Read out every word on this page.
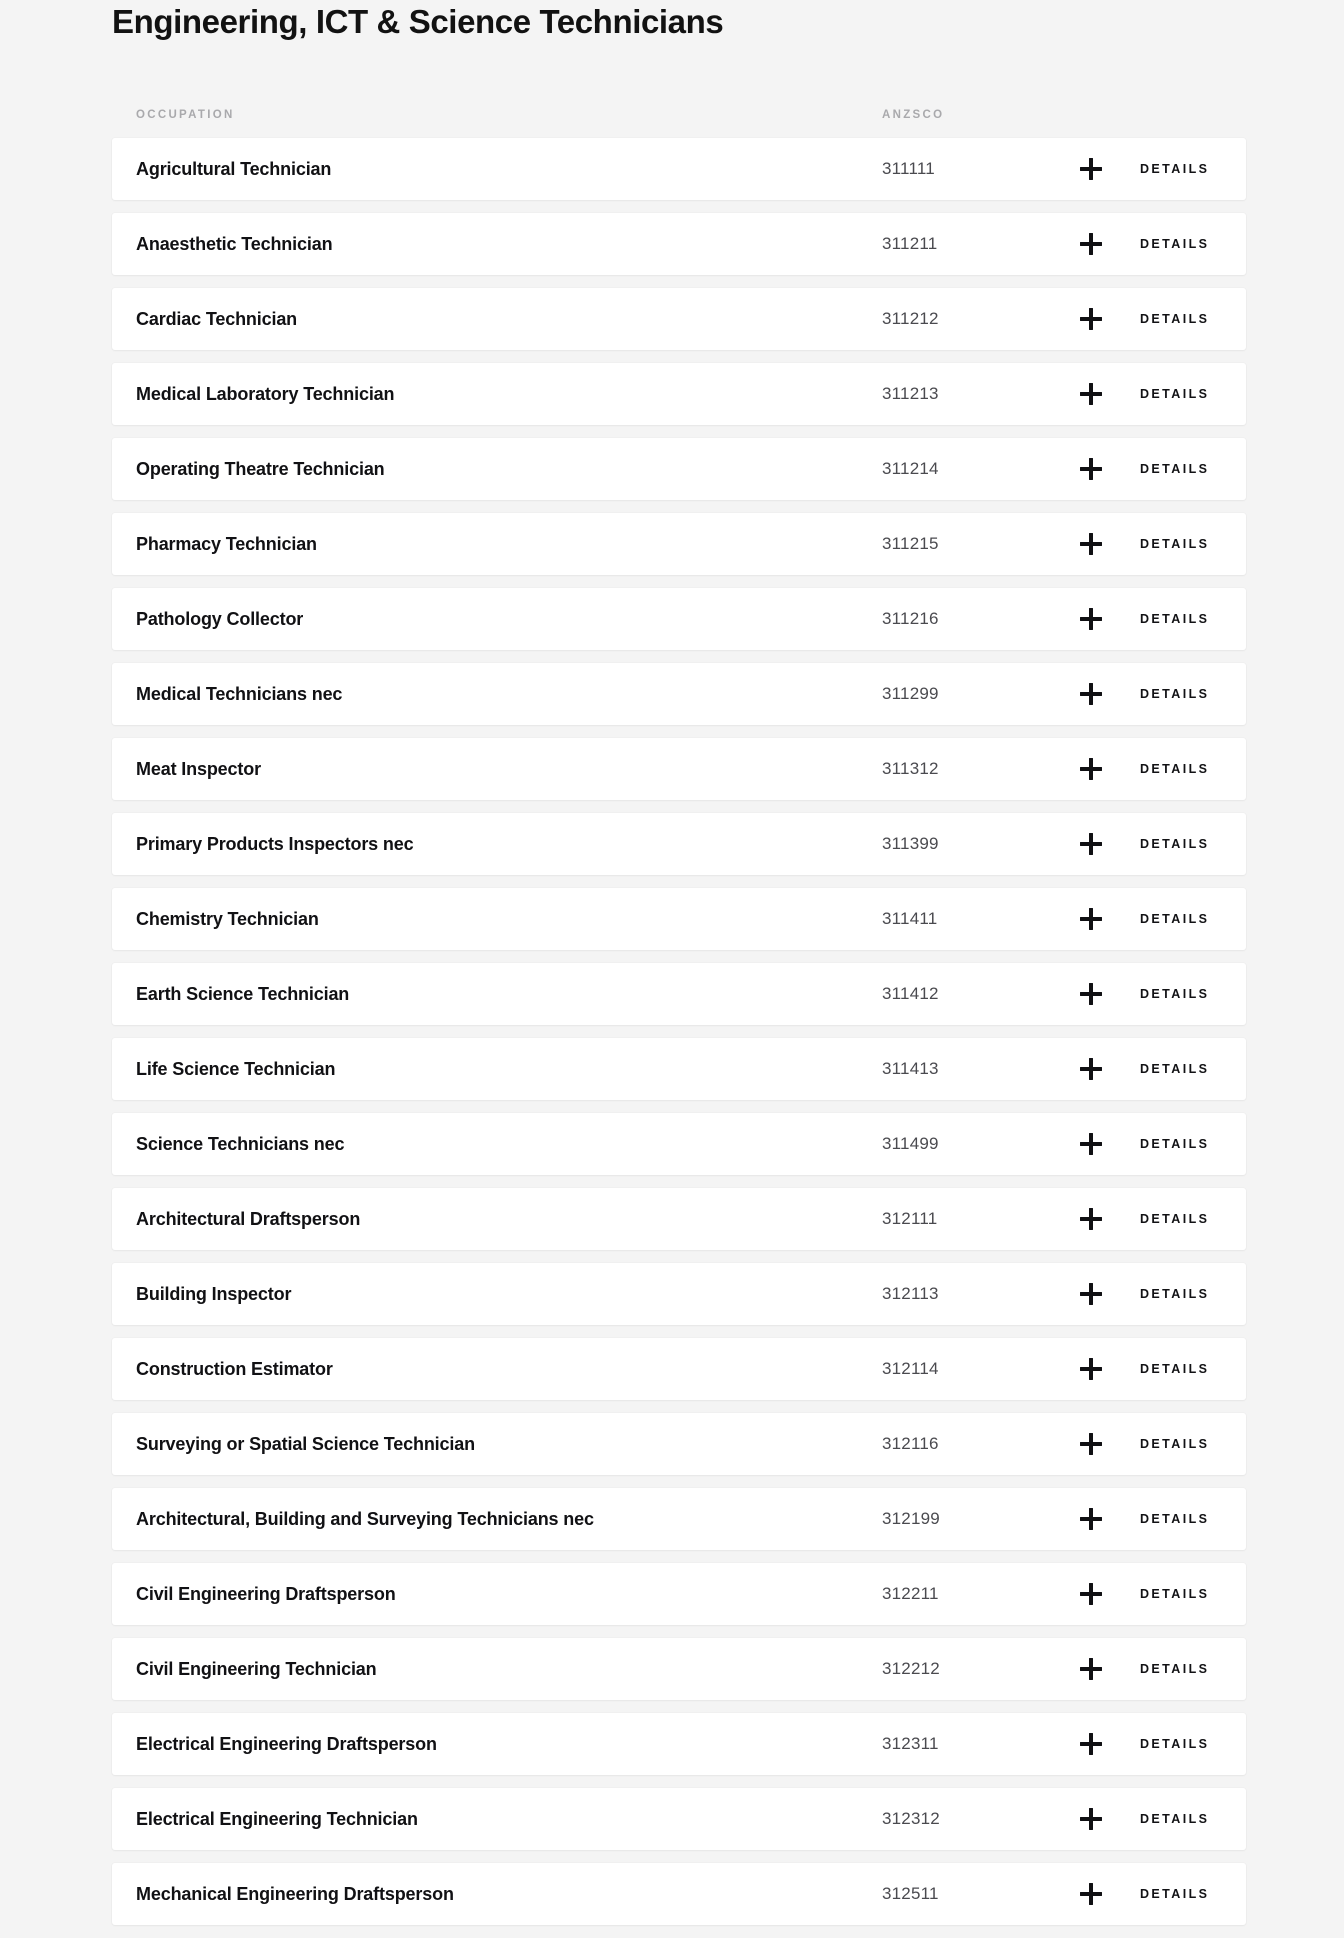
Engineering, ICT & Science Technicians
OCCUPATION	ANZSCO
Agricultural Technician	311111	DETAILS
Anaesthetic Technician	311211	DETAILS
Cardiac Technician	311212	DETAILS
Medical Laboratory Technician	311213	DETAILS
Operating Theatre Technician	311214	DETAILS
Pharmacy Technician	311215	DETAILS
Pathology Collector	311216	DETAILS
Medical Technicians nec	311299	DETAILS
Meat Inspector	311312	DETAILS
Primary Products Inspectors nec	311399	DETAILS
Chemistry Technician	311411	DETAILS
Earth Science Technician	311412	DETAILS
Life Science Technician	311413	DETAILS
Science Technicians nec	311499	DETAILS
Architectural Draftsperson	312111	DETAILS
Building Inspector	312113	DETAILS
Construction Estimator	312114	DETAILS
Surveying or Spatial Science Technician	312116	DETAILS
Architectural, Building and Surveying Technicians nec	312199	DETAILS
Civil Engineering Draftsperson	312211	DETAILS
Civil Engineering Technician	312212	DETAILS
Electrical Engineering Draftsperson	312311	DETAILS
Electrical Engineering Technician	312312	DETAILS
Mechanical Engineering Draftsperson	312511	DETAILS
